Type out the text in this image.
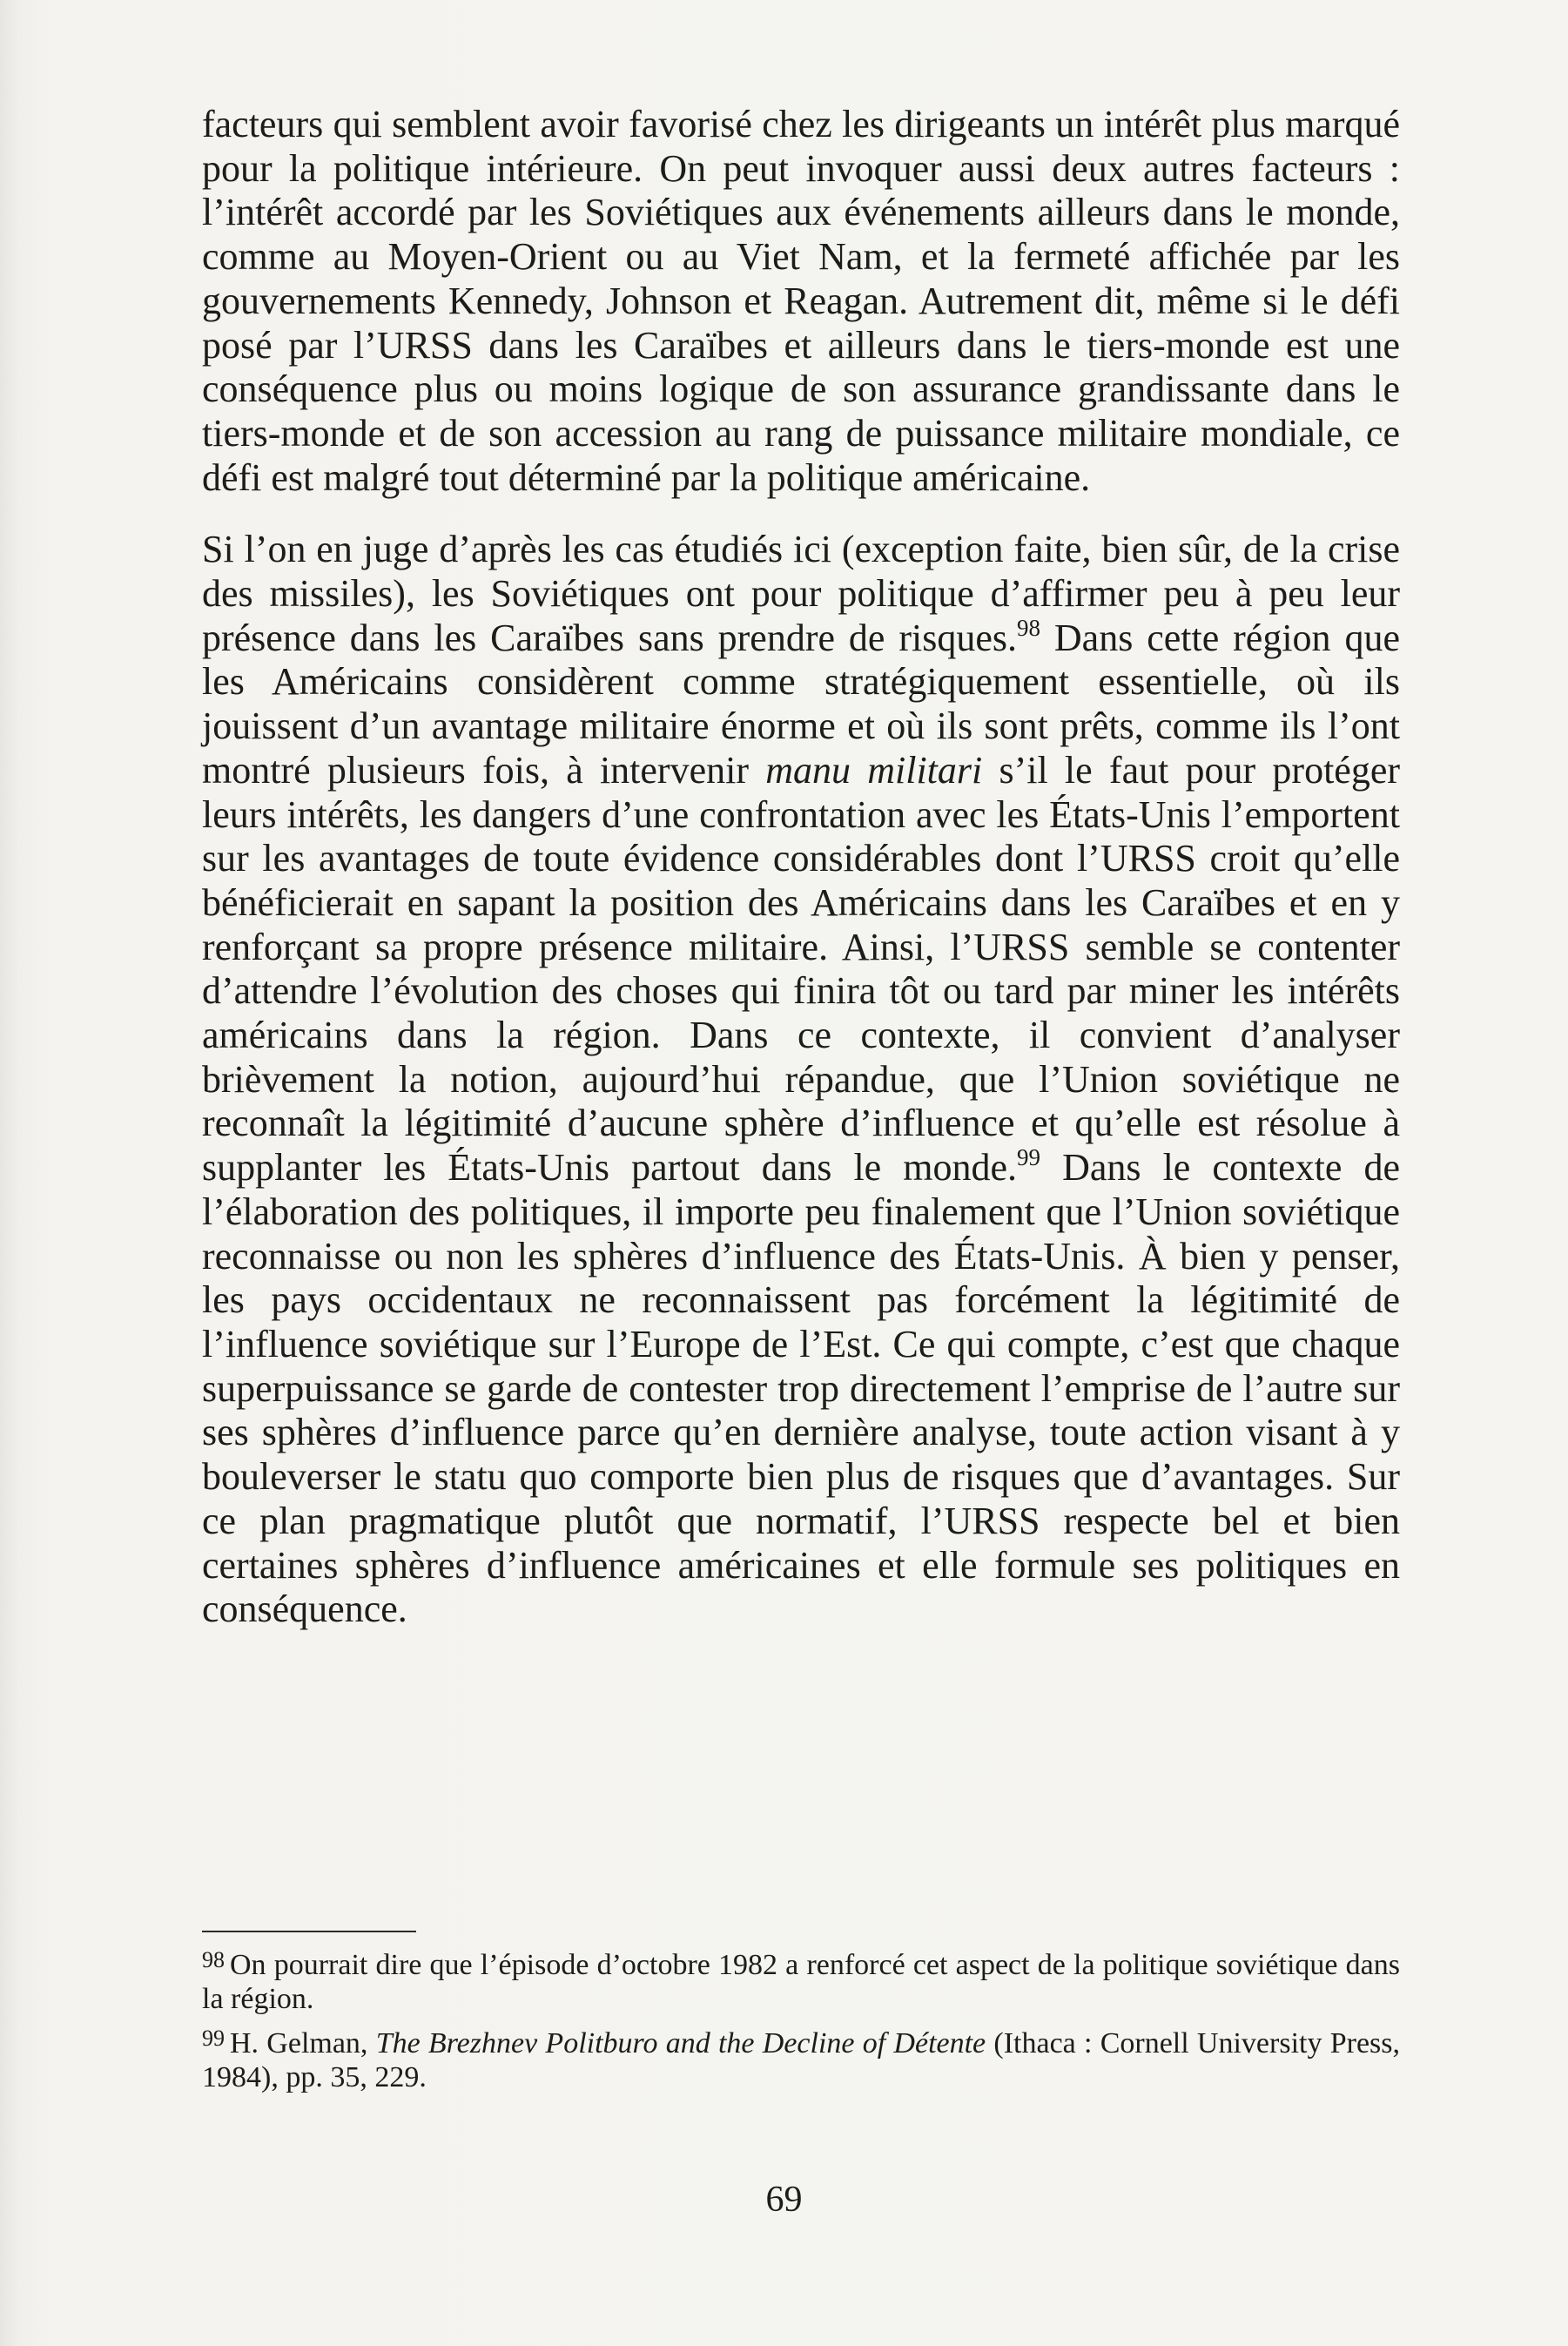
facteurs qui semblent avoir favorisé chez les dirigeants un intérêt plus marqué pour la politique intérieure. On peut invoquer aussi deux autres facteurs : l’intérêt accordé par les Soviétiques aux événements ailleurs dans le monde, comme au Moyen-Orient ou au Viet Nam, et la fermeté affichée par les gouvernements Kennedy, Johnson et Reagan. Autrement dit, même si le défi posé par l’URSS dans les Caraïbes et ailleurs dans le tiers-monde est une conséquence plus ou moins logique de son assurance grandissante dans le tiers-monde et de son accession au rang de puissance militaire mondiale, ce défi est malgré tout déterminé par la politique américaine.

Si l’on en juge d’après les cas étudiés ici (exception faite, bien sûr, de la crise des missiles), les Soviétiques ont pour politique d’affirmer peu à peu leur présence dans les Caraïbes sans prendre de risques.$^{98}$ Dans cette région que les Américains considèrent comme stratégiquement essentielle, où ils jouissent d’un avantage militaire énorme et où ils sont prêts, comme ils l’ont montré plusieurs fois, à intervenir manu militari s’il le faut pour protéger leurs intérêts, les dangers d’une confrontation avec les États-Unis l’emportent sur les avantages de toute évidence considérables dont l’URSS croit qu’elle bénéficierait en sapant la position des Américains dans les Caraïbes et en y renforçant sa propre présence militaire. Ainsi, l’URSS semble se contenter d’attendre l’évolution des choses qui finira tôt ou tard par miner les intérêts américains dans la région. Dans ce contexte, il convient d’analyser brièvement la notion, aujourd’hui répandue, que l’Union soviétique ne reconnaît la légitimité d’aucune sphère d’influence et qu’elle est résolue à supplanter les États-Unis partout dans le monde.$^{99}$ Dans le contexte de l’élaboration des politiques, il importe peu finalement que l’Union soviétique reconnaisse ou non les sphères d’influence des États-Unis. À bien y penser, les pays occidentaux ne reconnaissent pas forcément la légitimité de l’influence soviétique sur l’Europe de l’Est. Ce qui compte, c’est que chaque superpuissance se garde de contester trop directement l’emprise de l’autre sur ses sphères d’influence parce qu’en dernière analyse, toute action visant à y bouleverser le statu quo comporte bien plus de risques que d’avantages. Sur ce plan pragmatique plutôt que normatif, l’URSS respecte bel et bien certaines sphères d’influence américaines et elle formule ses politiques en conséquence.

$^{98}$ On pourrait dire que l’épisode d’octobre 1982 a renforcé cet aspect de la politique soviétique dans la région.

$^{99}$ H. Gelman, The Brezhnev Politburo and the Decline of Détente (Ithaca : Cornell University Press, 1984), pp. 35, 229.

69
